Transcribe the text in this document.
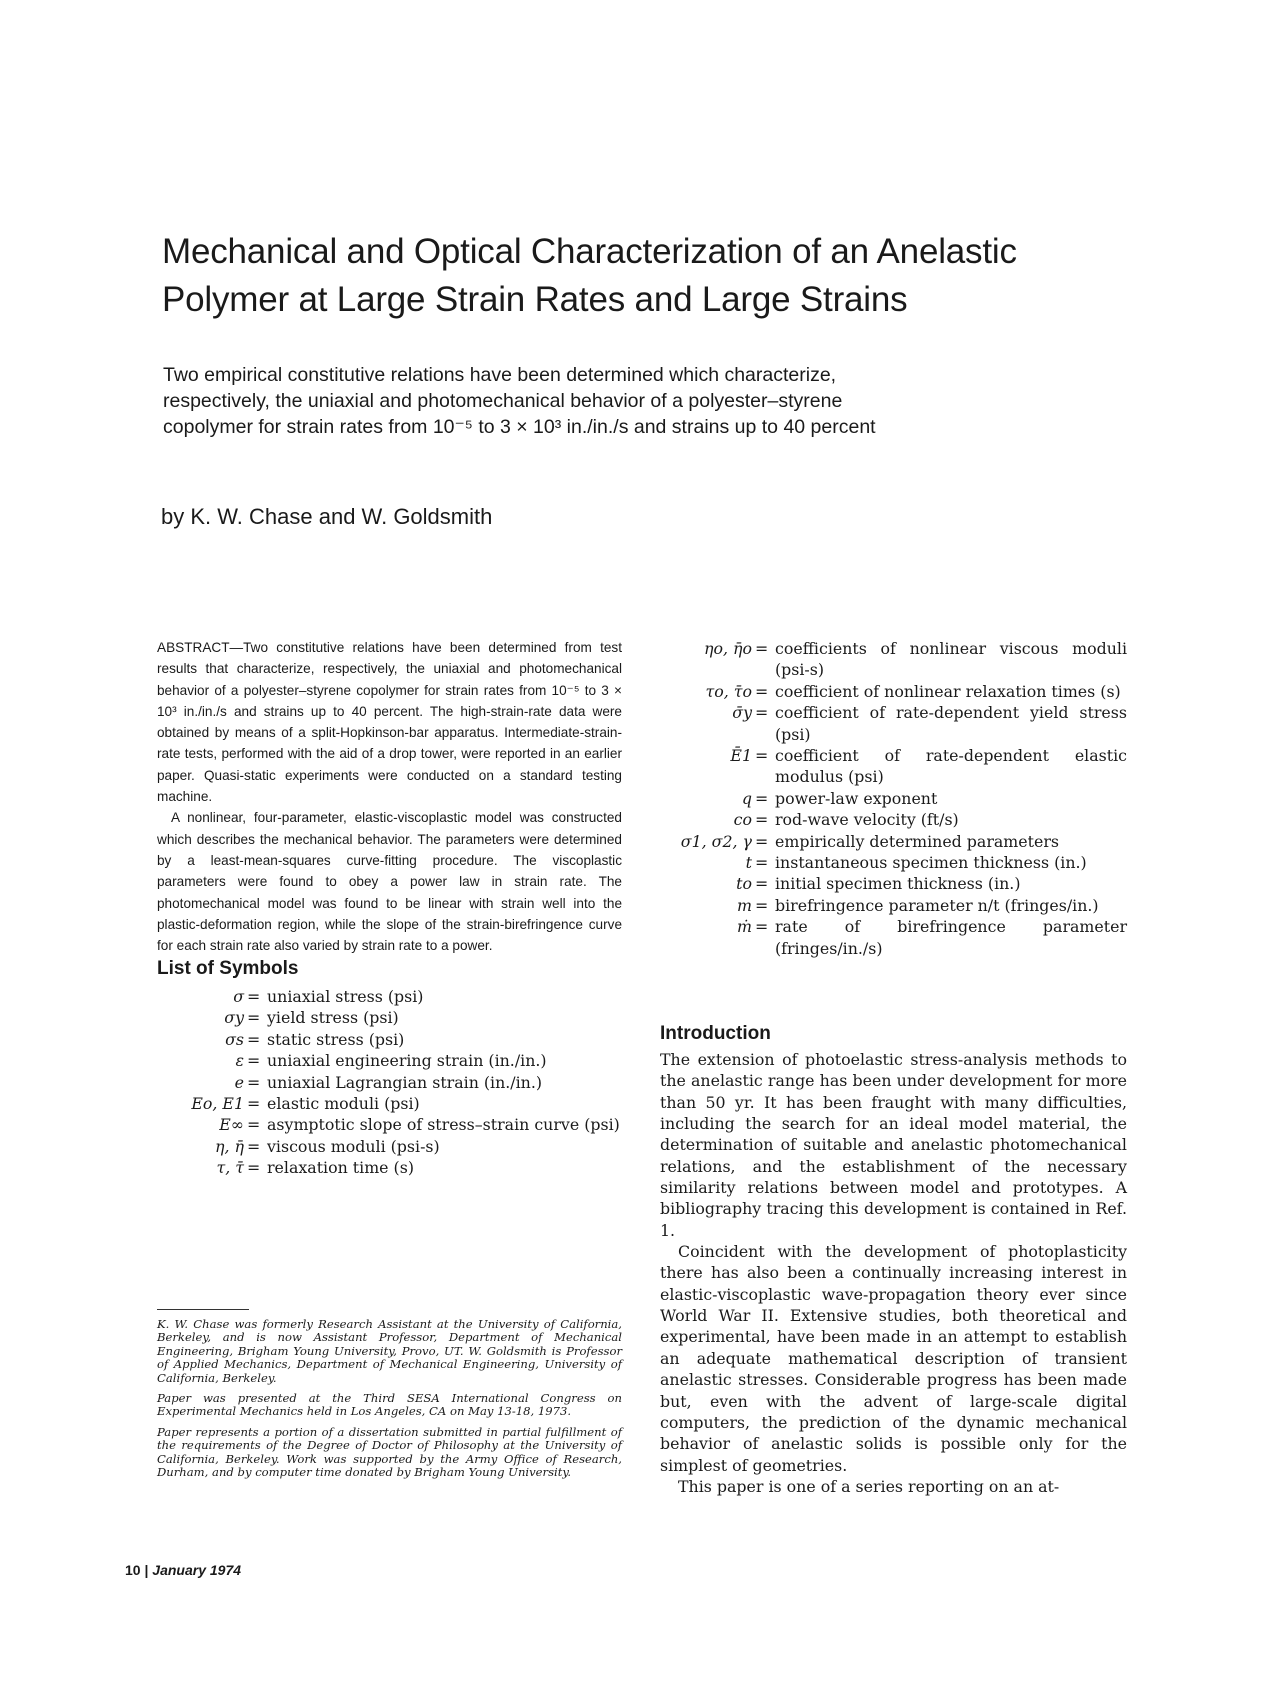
Mechanical and Optical Characterization of an Anelastic Polymer at Large Strain Rates and Large Strains

Two empirical constitutive relations have been determined which characterize, respectively, the uniaxial and photomechanical behavior of a polyester–styrene copolymer for strain rates from 10⁻⁵ to 3 × 10³ in./in./s and strains up to 40 percent

by K. W. Chase and W. Goldsmith

ABSTRACT—Two constitutive relations have been determined from test results that characterize, respectively, the uniaxial and photomechanical behavior of a polyester–styrene copolymer for strain rates from 10⁻⁵ to 3 × 10³ in./in./s and strains up to 40 percent. The high-strain-rate data were obtained by means of a split-Hopkinson-bar apparatus. Intermediate-strain-rate tests, performed with the aid of a drop tower, were reported in an earlier paper. Quasi-static experiments were conducted on a standard testing machine.

A nonlinear, four-parameter, elastic-viscoplastic model was constructed which describes the mechanical behavior. The parameters were determined by a least-mean-squares curve-fitting procedure. The viscoplastic parameters were found to obey a power law in strain rate. The photomechanical model was found to be linear with strain well into the plastic-deformation region, while the slope of the strain-birefringence curve for each strain rate also varied by strain rate to a power.

List of Symbols
σ	=	uniaxial stress (psi)
σy	=	yield stress (psi)
σs	=	static stress (psi)
ε	=	uniaxial engineering strain (in./in.)
e	=	uniaxial Lagrangian strain (in./in.)
Eo, E1	=	elastic moduli (psi)
E∞	=	asymptotic slope of stress–strain curve (psi)
η, η̄	=	viscous moduli (psi-s)
τ, τ̄	=	relaxation time (s)
ηo, η̄o	=	coefficients of nonlinear viscous moduli (psi-s)
τo, τ̄o	=	coefficient of nonlinear relaxation times (s)
σ̄y	=	coefficient of rate-dependent yield stress (psi)
Ē1	=	coefficient of rate-dependent elastic modulus (psi)
q	=	power-law exponent
co	=	rod-wave velocity (ft/s)
σ1, σ2, γ	=	empirically determined parameters
t	=	instantaneous specimen thickness (in.)
to	=	initial specimen thickness (in.)
m	=	birefringence parameter n/t (fringes/in.)
ṁ	=	rate of birefringence parameter (fringes/in./s)

K. W. Chase was formerly Research Assistant at the University of California, Berkeley, and is now Assistant Professor, Department of Mechanical Engineering, Brigham Young University, Provo, UT. W. Goldsmith is Professor of Applied Mechanics, Department of Mechanical Engineering, University of California, Berkeley.

Paper was presented at the Third SESA International Congress on Experimental Mechanics held in Los Angeles, CA on May 13-18, 1973.

Paper represents a portion of a dissertation submitted in partial fulfillment of the requirements of the Degree of Doctor of Philosophy at the University of California, Berkeley. Work was supported by the Army Office of Research, Durham, and by computer time donated by Brigham Young University.

Introduction

The extension of photoelastic stress-analysis methods to the anelastic range has been under development for more than 50 yr. It has been fraught with many difficulties, including the search for an ideal model material, the determination of suitable and anelastic photomechanical relations, and the establishment of the necessary similarity relations between model and prototypes. A bibliography tracing this development is contained in Ref. 1.

Coincident with the development of photoplasticity there has also been a continually increasing interest in elastic-viscoplastic wave-propagation theory ever since World War II. Extensive studies, both theoretical and experimental, have been made in an attempt to establish an adequate mathematical description of transient anelastic stresses. Considerable progress has been made but, even with the advent of large-scale digital computers, the prediction of the dynamic mechanical behavior of anelastic solids is possible only for the simplest of geometries.

This paper is one of a series reporting on an at-

10 | January 1974
